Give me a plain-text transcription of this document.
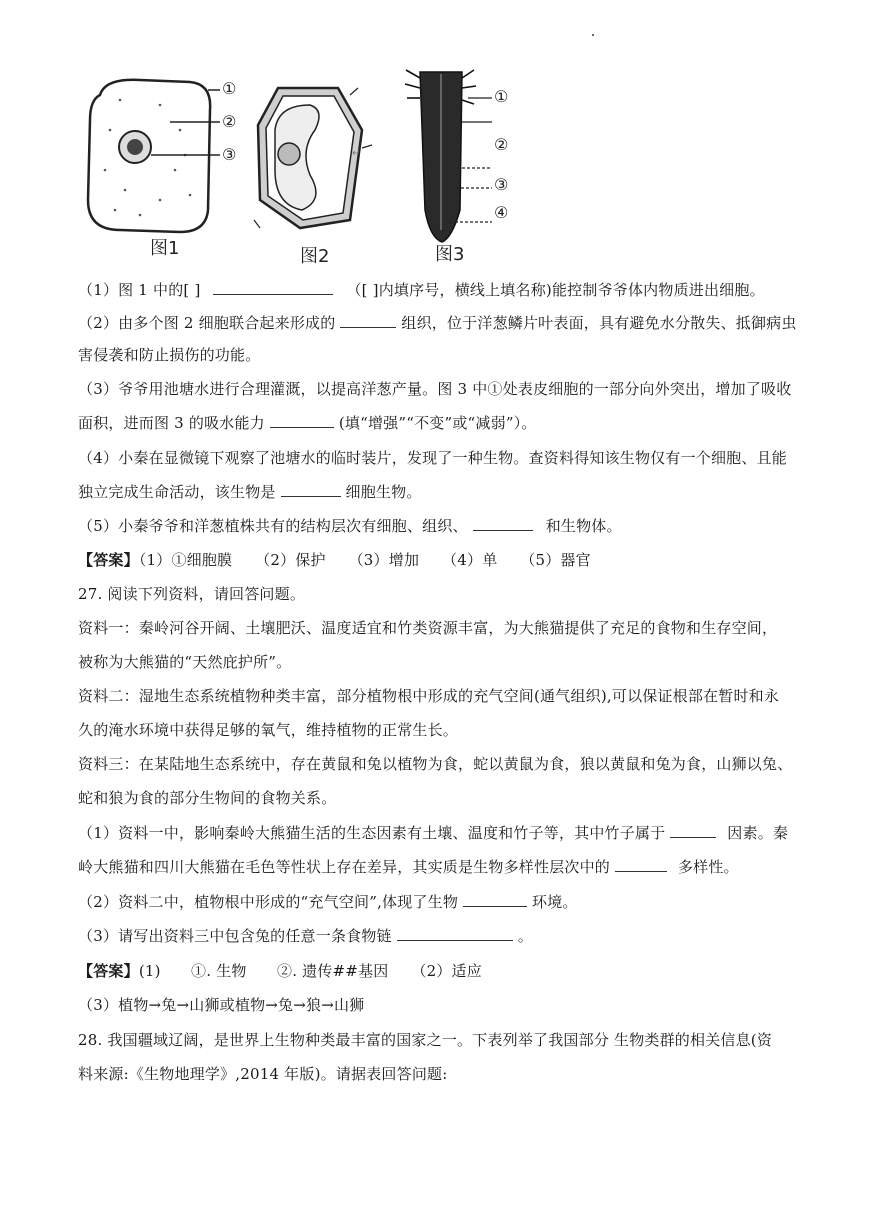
①
②
③	↵
①
②
③
④
图1	图2	图3
（1）图 1 中的[ ]	（[ ]内填序号，横线上填名称)能控制爷爷体内物质进出细胞。
（2）由多个图 2 细胞联合起来形成的	组织，位于洋葱鳞片叶表面，具有避免水分散失、抵御病虫
害侵袭和防止损伤的功能。
（3）爷爷用池塘水进行合理灌溉，以提高洋葱产量。图 3 中①处表皮细胞的一部分向外突出，增加了吸收
面积，进而图 3 的吸水能力	(填“增强”“不变”或“减弱”）。
（4）小秦在显微镜下观察了池塘水的临时装片，发现了一种生物。查资料得知该生物仅有一个细胞、且能
独立完成生命活动，该生物是	细胞生物。
（5）小秦爷爷和洋葱植株共有的结构层次有细胞、组织、	和生物体。
【答案】（1）①细胞膜　　（2）保护　　（3）增加　　（4）单　　（5）器官
27. 阅读下列资料，请回答问题。
资料一：秦岭河谷开阔、土壤肥沃、温度适宜和竹类资源丰富，为大熊猫提供了充足的食物和生存空间，
被称为大熊猫的“天然庇护所”。
资料二：湿地生态系统植物种类丰富，部分植物根中形成的充气空间(通气组织),可以保证根部在暂时和永
久的淹水环境中获得足够的氧气，维持植物的正常生长。
资料三：在某陆地生态系统中，存在黄鼠和兔以植物为食，蛇以黄鼠为食，狼以黄鼠和兔为食，山狮以兔、
蛇和狼为食的部分生物间的食物关系。
（1）资料一中，影响秦岭大熊猫生活的生态因素有土壤、温度和竹子等，其中竹子属于	因素。秦
岭大熊猫和四川大熊猫在毛色等性状上存在差异，其实质是生物多样性层次中的	多样性。
（2）资料二中，植物根中形成的“充气空间”,体现了生物	环境。
（3）请写出资料三中包含兔的任意一条食物链	。
【答案】(1)　　①. 生物　　②. 遗传##基因　　（2）适应
（3）植物→兔→山狮或植物→兔→狼→山狮
28. 我国疆域辽阔，是世界上生物种类最丰富的国家之一。下表列举了我国部分 生物类群的相关信息(资
料来源:《生物地理学》,2014 年版)。请据表回答问题:
